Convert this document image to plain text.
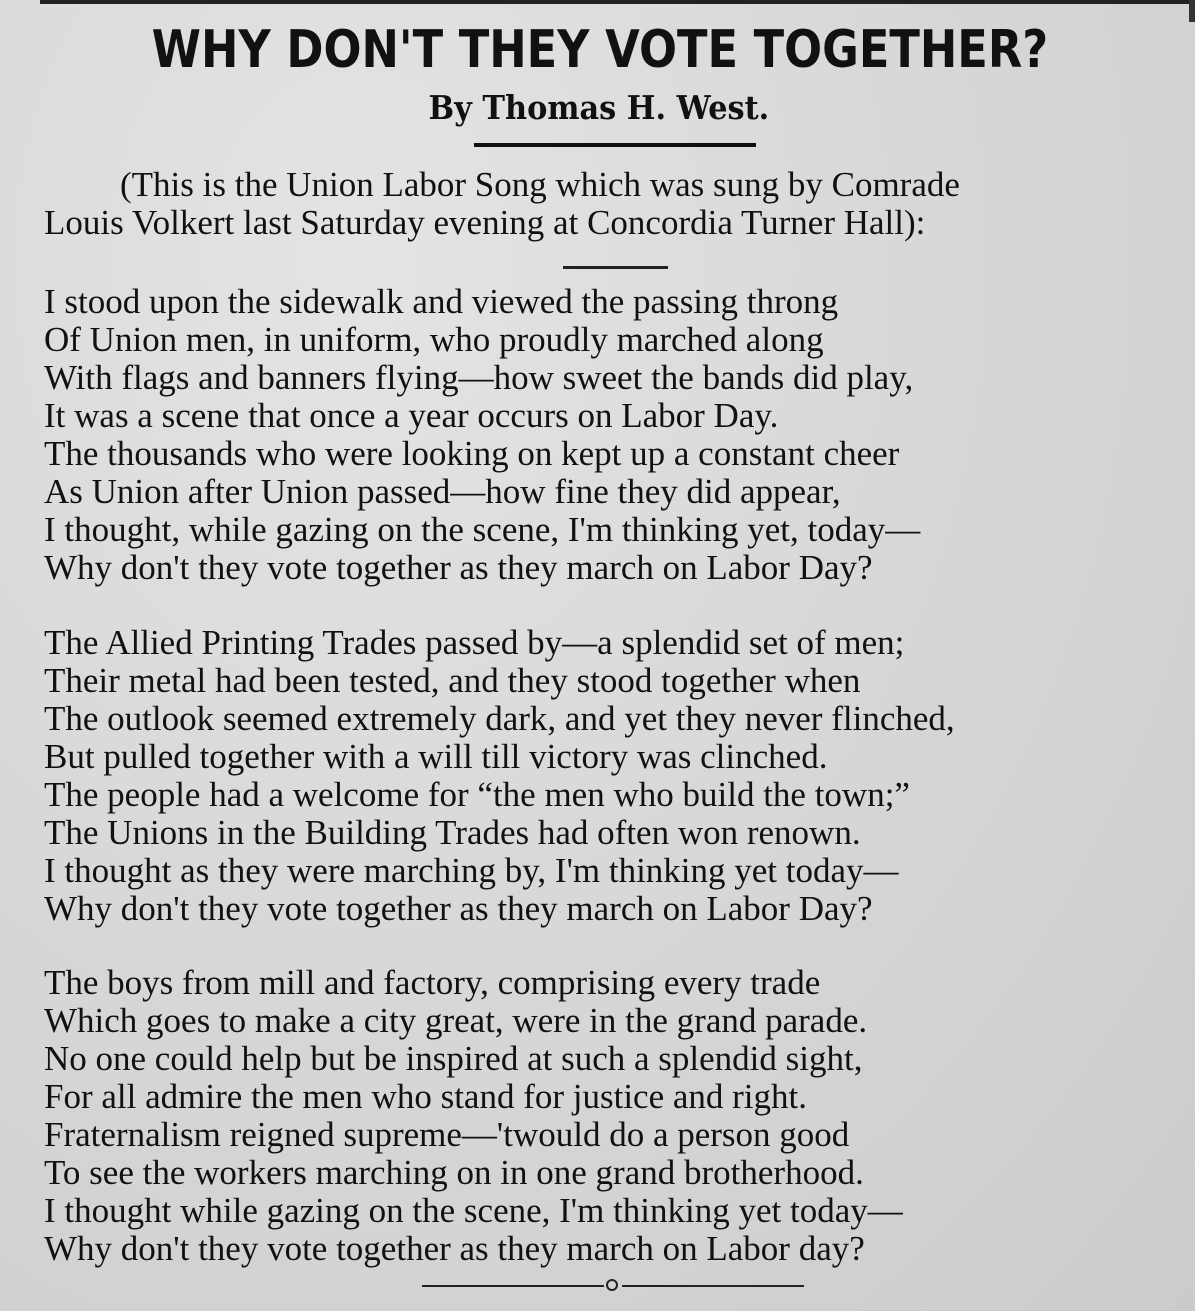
WHY DON'T THEY VOTE TOGETHER?
By Thomas H. West.
(This is the Union Labor Song which was sung by Comrade
Louis Volkert last Saturday evening at Concordia Turner Hall):
I stood upon the sidewalk and viewed the passing throng
Of Union men, in uniform, who proudly marched along
With flags and banners flying—how sweet the bands did play,
It was a scene that once a year occurs on Labor Day.
The thousands who were looking on kept up a constant cheer
As Union after Union passed—how fine they did appear,
I thought, while gazing on the scene, I'm thinking yet, today—
Why don't they vote together as they march on Labor Day?
The Allied Printing Trades passed by—a splendid set of men;
Their metal had been tested, and they stood together when
The outlook seemed extremely dark, and yet they never flinched,
But pulled together with a will till victory was clinched.
The people had a welcome for “the men who build the town;”
The Unions in the Building Trades had often won renown.
I thought as they were marching by, I'm thinking yet today—
Why don't they vote together as they march on Labor Day?
The boys from mill and factory, comprising every trade
Which goes to make a city great, were in the grand parade.
No one could help but be inspired at such a splendid sight,
For all admire the men who stand for justice and right.
Fraternalism reigned supreme—'twould do a person good
To see the workers marching on in one grand brotherhood.
I thought while gazing on the scene, I'm thinking yet today—
Why don't they vote together as they march on Labor day?
